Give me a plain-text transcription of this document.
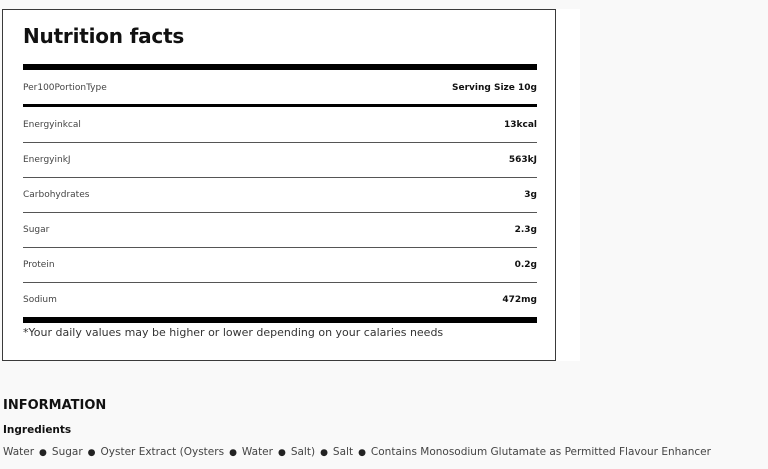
Nutrition facts
Per100PortionType	Serving Size 10g
Energyinkcal	13kcal
EnergyinkJ	563kJ
Carbohydrates	3g
Sugar	2.3g
Protein	0.2g
Sodium	472mg
*Your daily values may be higher or lower depending on your calaries needs
INFORMATION
Ingredients
Water ● Sugar ● Oyster Extract (Oysters ● Water ● Salt) ● Salt ● Contains Monosodium Glutamate as Permitted Flavour Enhancer
